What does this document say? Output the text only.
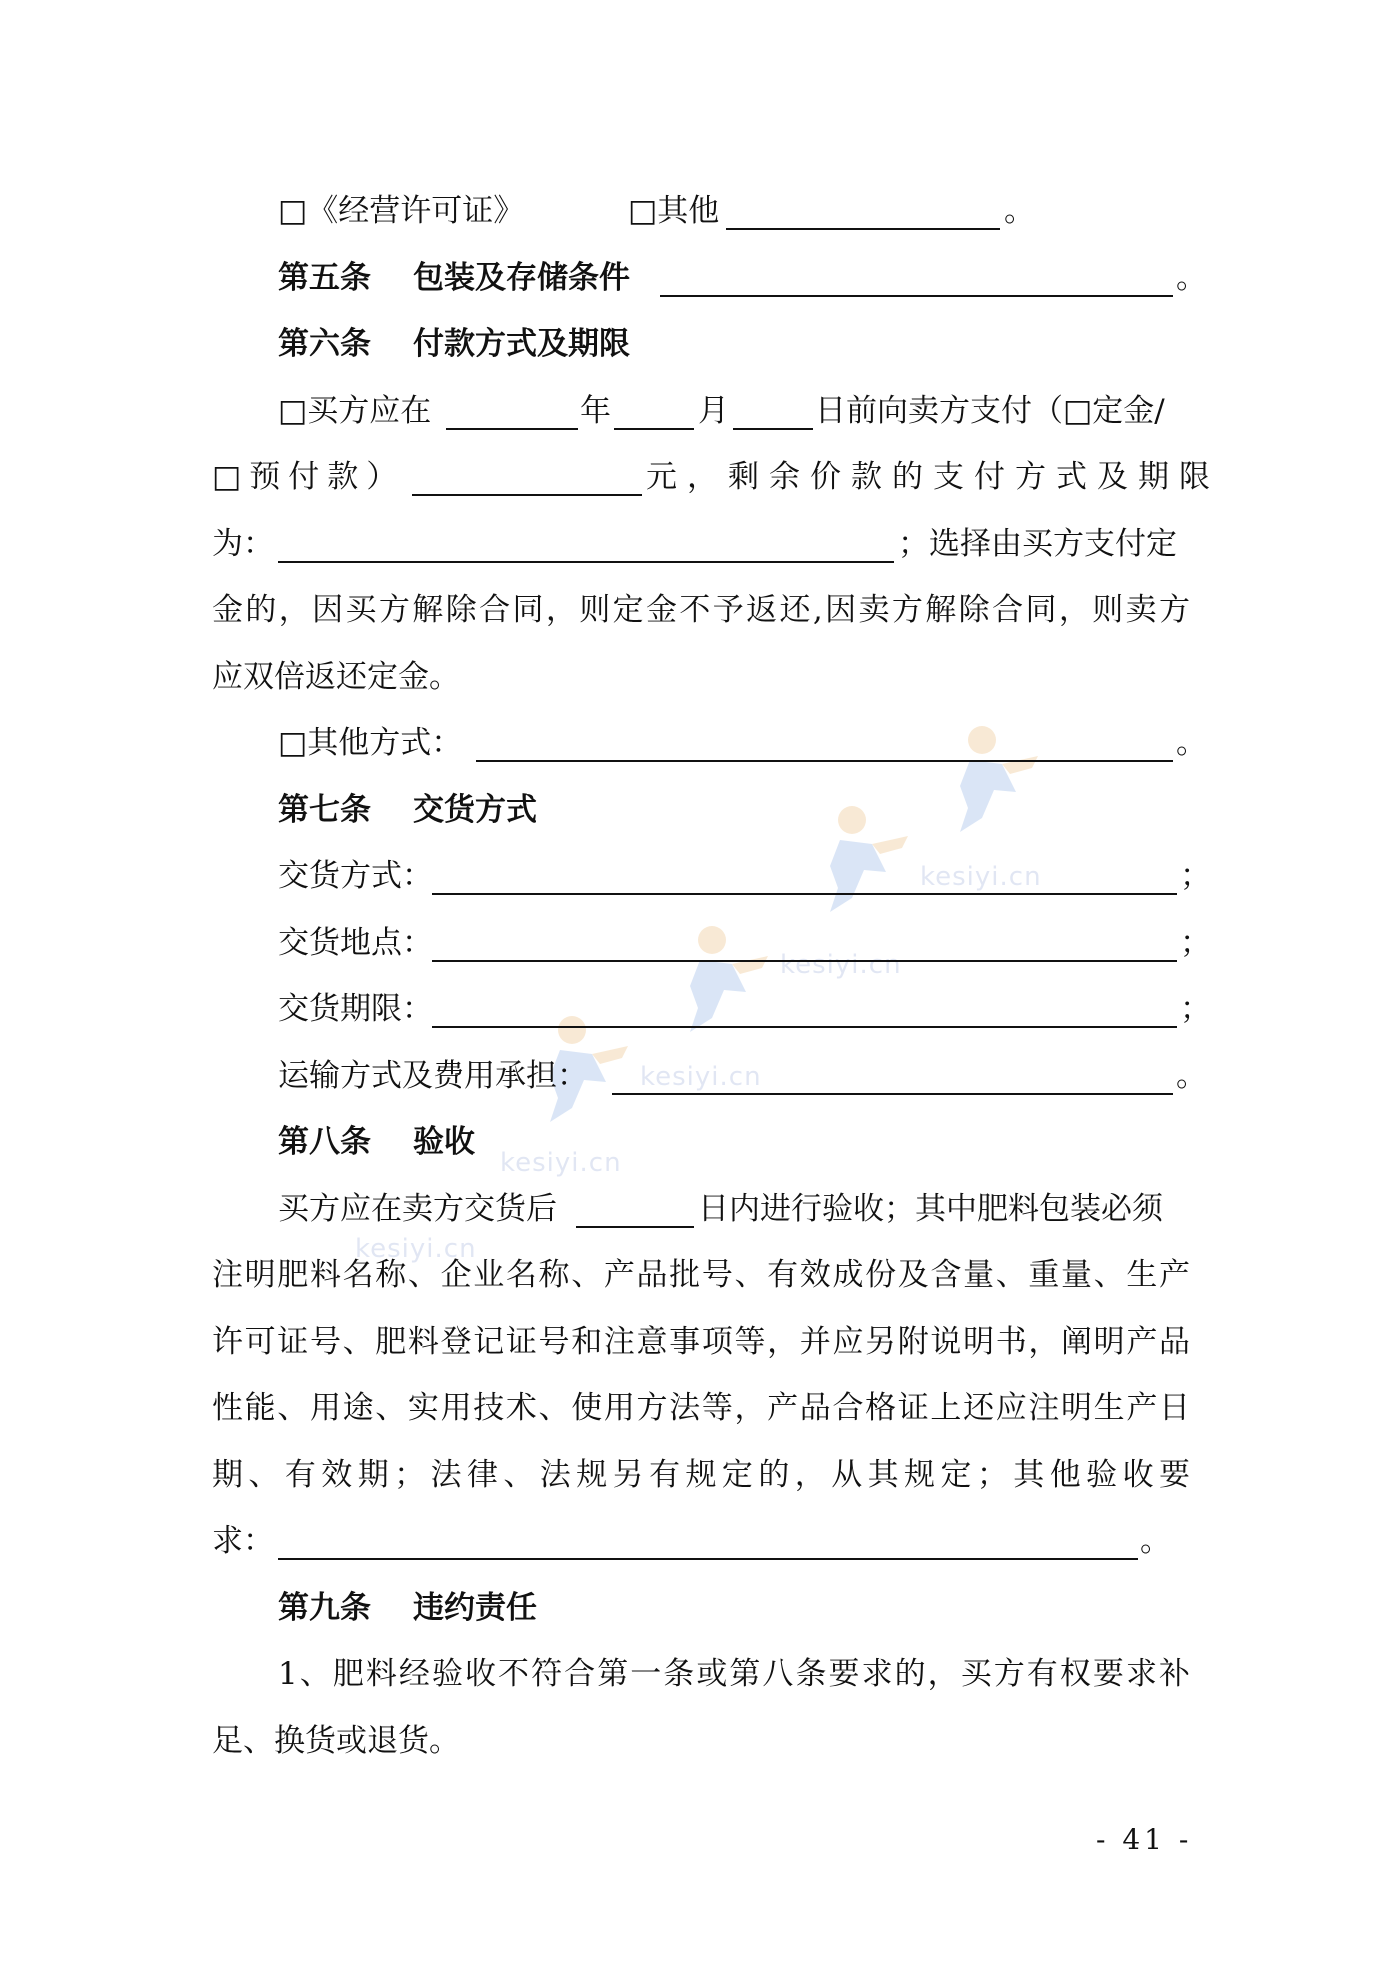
kesiyi.cn
kesiyi.cn
kesiyi.cn
kesiyi.cn
kesiyi.cn
□《经营许可证》	□其他	。
第五条 包装及存储条件	。
第六条 付款方式及期限
□买方应在	年	月	日前向卖方支付（□定金/
□预付款）	元，剩余价款的支付方式及期限
为：	；选择由买方支付定
金的，因买方解除合同，则定金不予返还,因卖方解除合同，则卖方
应双倍返还定金。
□其他方式：	。
第七条 交货方式
交货方式：	；
交货地点：	；
交货期限：	；
运输方式及费用承担：	。
第八条 验收
买方应在卖方交货后	日内进行验收；其中肥料包装必须
注明肥料名称、企业名称、产品批号、有效成份及含量、重量、生产
许可证号、肥料登记证号和注意事项等，并应另附说明书，阐明产品
性能、用途、实用技术、使用方法等，产品合格证上还应注明生产日
期、有效期；法律、法规另有规定的，从其规定；其他验收要
求：	。
第九条 违约责任
1、肥料经验收不符合第一条或第八条要求的，买方有权要求补
足、换货或退货。
- 41 -
